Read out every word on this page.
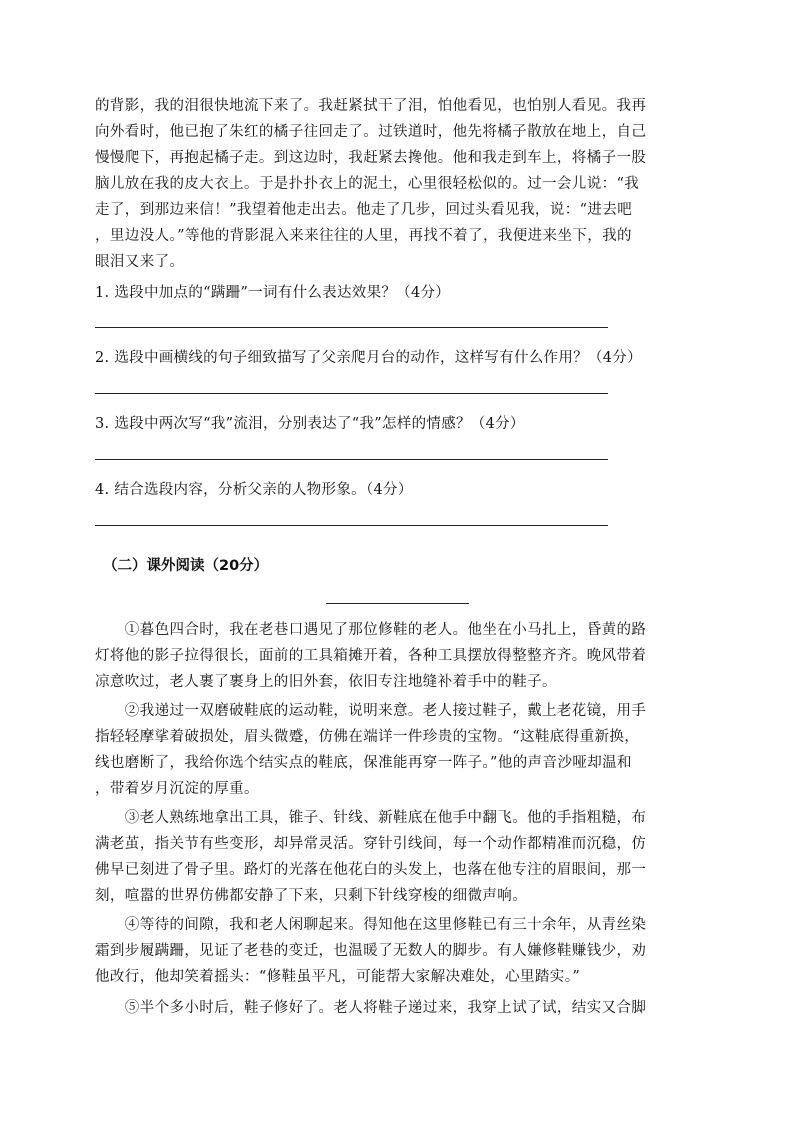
的背影，我的泪很快地流下来了。我赶紧拭干了泪，怕他看见，也怕别人看见。我再
向外看时，他已抱了朱红的橘子往回走了。过铁道时，他先将橘子散放在地上，自己
慢慢爬下，再抱起橘子走。到这边时，我赶紧去搀他。他和我走到车上，将橘子一股
脑儿放在我的皮大衣上。于是扑扑衣上的泥土，心里很轻松似的。过一会儿说：“我
走了，到那边来信！”我望着他走出去。他走了几步，回过头看见我，说：“进去吧
，里边没人。”等他的背影混入来来往往的人里，再找不着了，我便进来坐下，我的
眼泪又来了。

1. 选段中加点的“蹒跚”一词有什么表达效果？（4分）
2. 选段中画横线的句子细致描写了父亲爬月台的动作，这样写有什么作用？（4分）
3. 选段中两次写“我”流泪，分别表达了“我”怎样的情感？（4分）
4. 结合选段内容，分析父亲的人物形象。（4分）
（二）课外阅读（20分）
　　①暮色四合时，我在老巷口遇见了那位修鞋的老人。他坐在小马扎上，昏黄的路
灯将他的影子拉得很长，面前的工具箱摊开着，各种工具摆放得整整齐齐。晚风带着
凉意吹过，老人裹了裹身上的旧外套，依旧专注地缝补着手中的鞋子。
　　②我递过一双磨破鞋底的运动鞋，说明来意。老人接过鞋子，戴上老花镜，用手
指轻轻摩挲着破损处，眉头微蹙，仿佛在端详一件珍贵的宝物。“这鞋底得重新换，
线也磨断了，我给你选个结实点的鞋底，保准能再穿一阵子。”他的声音沙哑却温和
，带着岁月沉淀的厚重。
　　③老人熟练地拿出工具，锥子、针线、新鞋底在他手中翻飞。他的手指粗糙，布
满老茧，指关节有些变形，却异常灵活。穿针引线间，每一个动作都精准而沉稳，仿
佛早已刻进了骨子里。路灯的光落在他花白的头发上，也落在他专注的眉眼间，那一
刻，喧嚣的世界仿佛都安静了下来，只剩下针线穿梭的细微声响。
　　④等待的间隙，我和老人闲聊起来。得知他在这里修鞋已有三十余年，从青丝染
霜到步履蹒跚，见证了老巷的变迁，也温暖了无数人的脚步。有人嫌修鞋赚钱少，劝
他改行，他却笑着摇头：“修鞋虽平凡，可能帮大家解决难处，心里踏实。”
　　⑤半个多小时后，鞋子修好了。老人将鞋子递过来，我穿上试了试，结实又合脚
